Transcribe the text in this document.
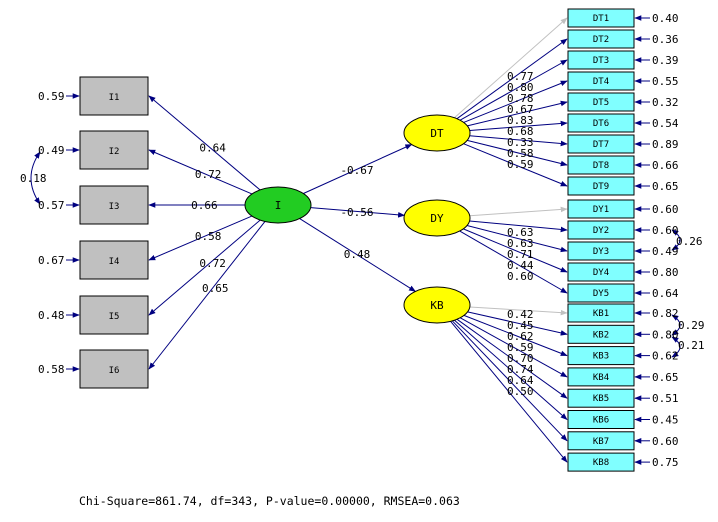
I1
0.64
0.59
I2
0.72
0.49
I3	0.66
0.57
I4
0.58
0.67
I5
0.72
0.48
I6
0.65
0.58
0.18
I
DT
-0.67
DY
-0.56
KB
0.48
DT1
0.77
0.40
DT2
0.80
0.36
DT3
0.78
0.39
DT4
0.67
0.55
DT5
0.83
0.32
DT6
0.68
0.54
DT7
0.33	0.89
DT8
0.58
0.66
DT9
0.59
0.65
DY1
0.63
0.60
DY2
0.63
0.60
DY3
0.71	0.49
DY4
0.44
0.80
DY5
0.60
0.64
KB1
0.42	0.82
KB2
0.45
0.80
KB3
0.62
0.62
KB4
0.59
0.65
KB5
0.70
0.51
KB6
0.74
0.45
KB7
0.64
0.60
KB8
0.50
0.75
0.26
0.29
0.21
Chi-Square=861.74, df=343, P-value=0.00000, RMSEA=0.063
